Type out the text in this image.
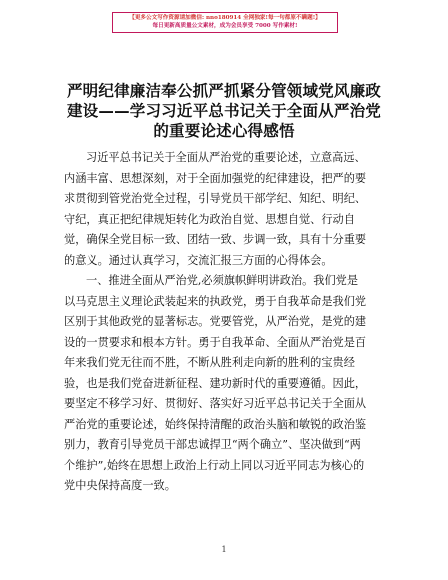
【更多公文写作资源请加微信: nno180914 全网独家!每一句都原不瞒题!】
每日更新高质量公文素材，成为会员享受 7000 写作素材!
严明纪律廉洁奉公抓严抓紧分管领域党风廉政
建设——学习习近平总书记关于全面从严治党
的重要论述心得感悟
习近平总书记关于全面从严治党的重要论述，立意高远、
内涵丰富、思想深刻，对于全面加强党的纪律建设，把严的要
求贯彻到管党治党全过程，引导党员干部学纪、知纪、明纪、
守纪，真正把纪律规矩转化为政治自觉、思想自觉、行动自
觉，确保全党目标一致、团结一致、步调一致，具有十分重要
的意义。通过认真学习，交流汇报三方面的心得体会。
一、推进全面从严治党,必须旗帜鲜明讲政治。我们党是
以马克思主义理论武装起来的执政党，勇于自我革命是我们党
区别于其他政党的显著标志。党要管党，从严治党，是党的建
设的一贯要求和根本方针。勇于自我革命、全面从严治党是百
年来我们党无往而不胜，不断从胜利走向新的胜利的宝贵经
验，也是我们党奋进新征程、建功新时代的重要遵循。因此，
要坚定不移学习好、贯彻好、落实好习近平总书记关于全面从
严治党的重要论述，始终保持清醒的政治头脑和敏锐的政治鉴
别力，教育引导党员干部忠诚捍卫“两个确立”、坚决做到“两
个维护”,始终在思想上政治上行动上同以习近平同志为核心的
党中央保持高度一致。
1
